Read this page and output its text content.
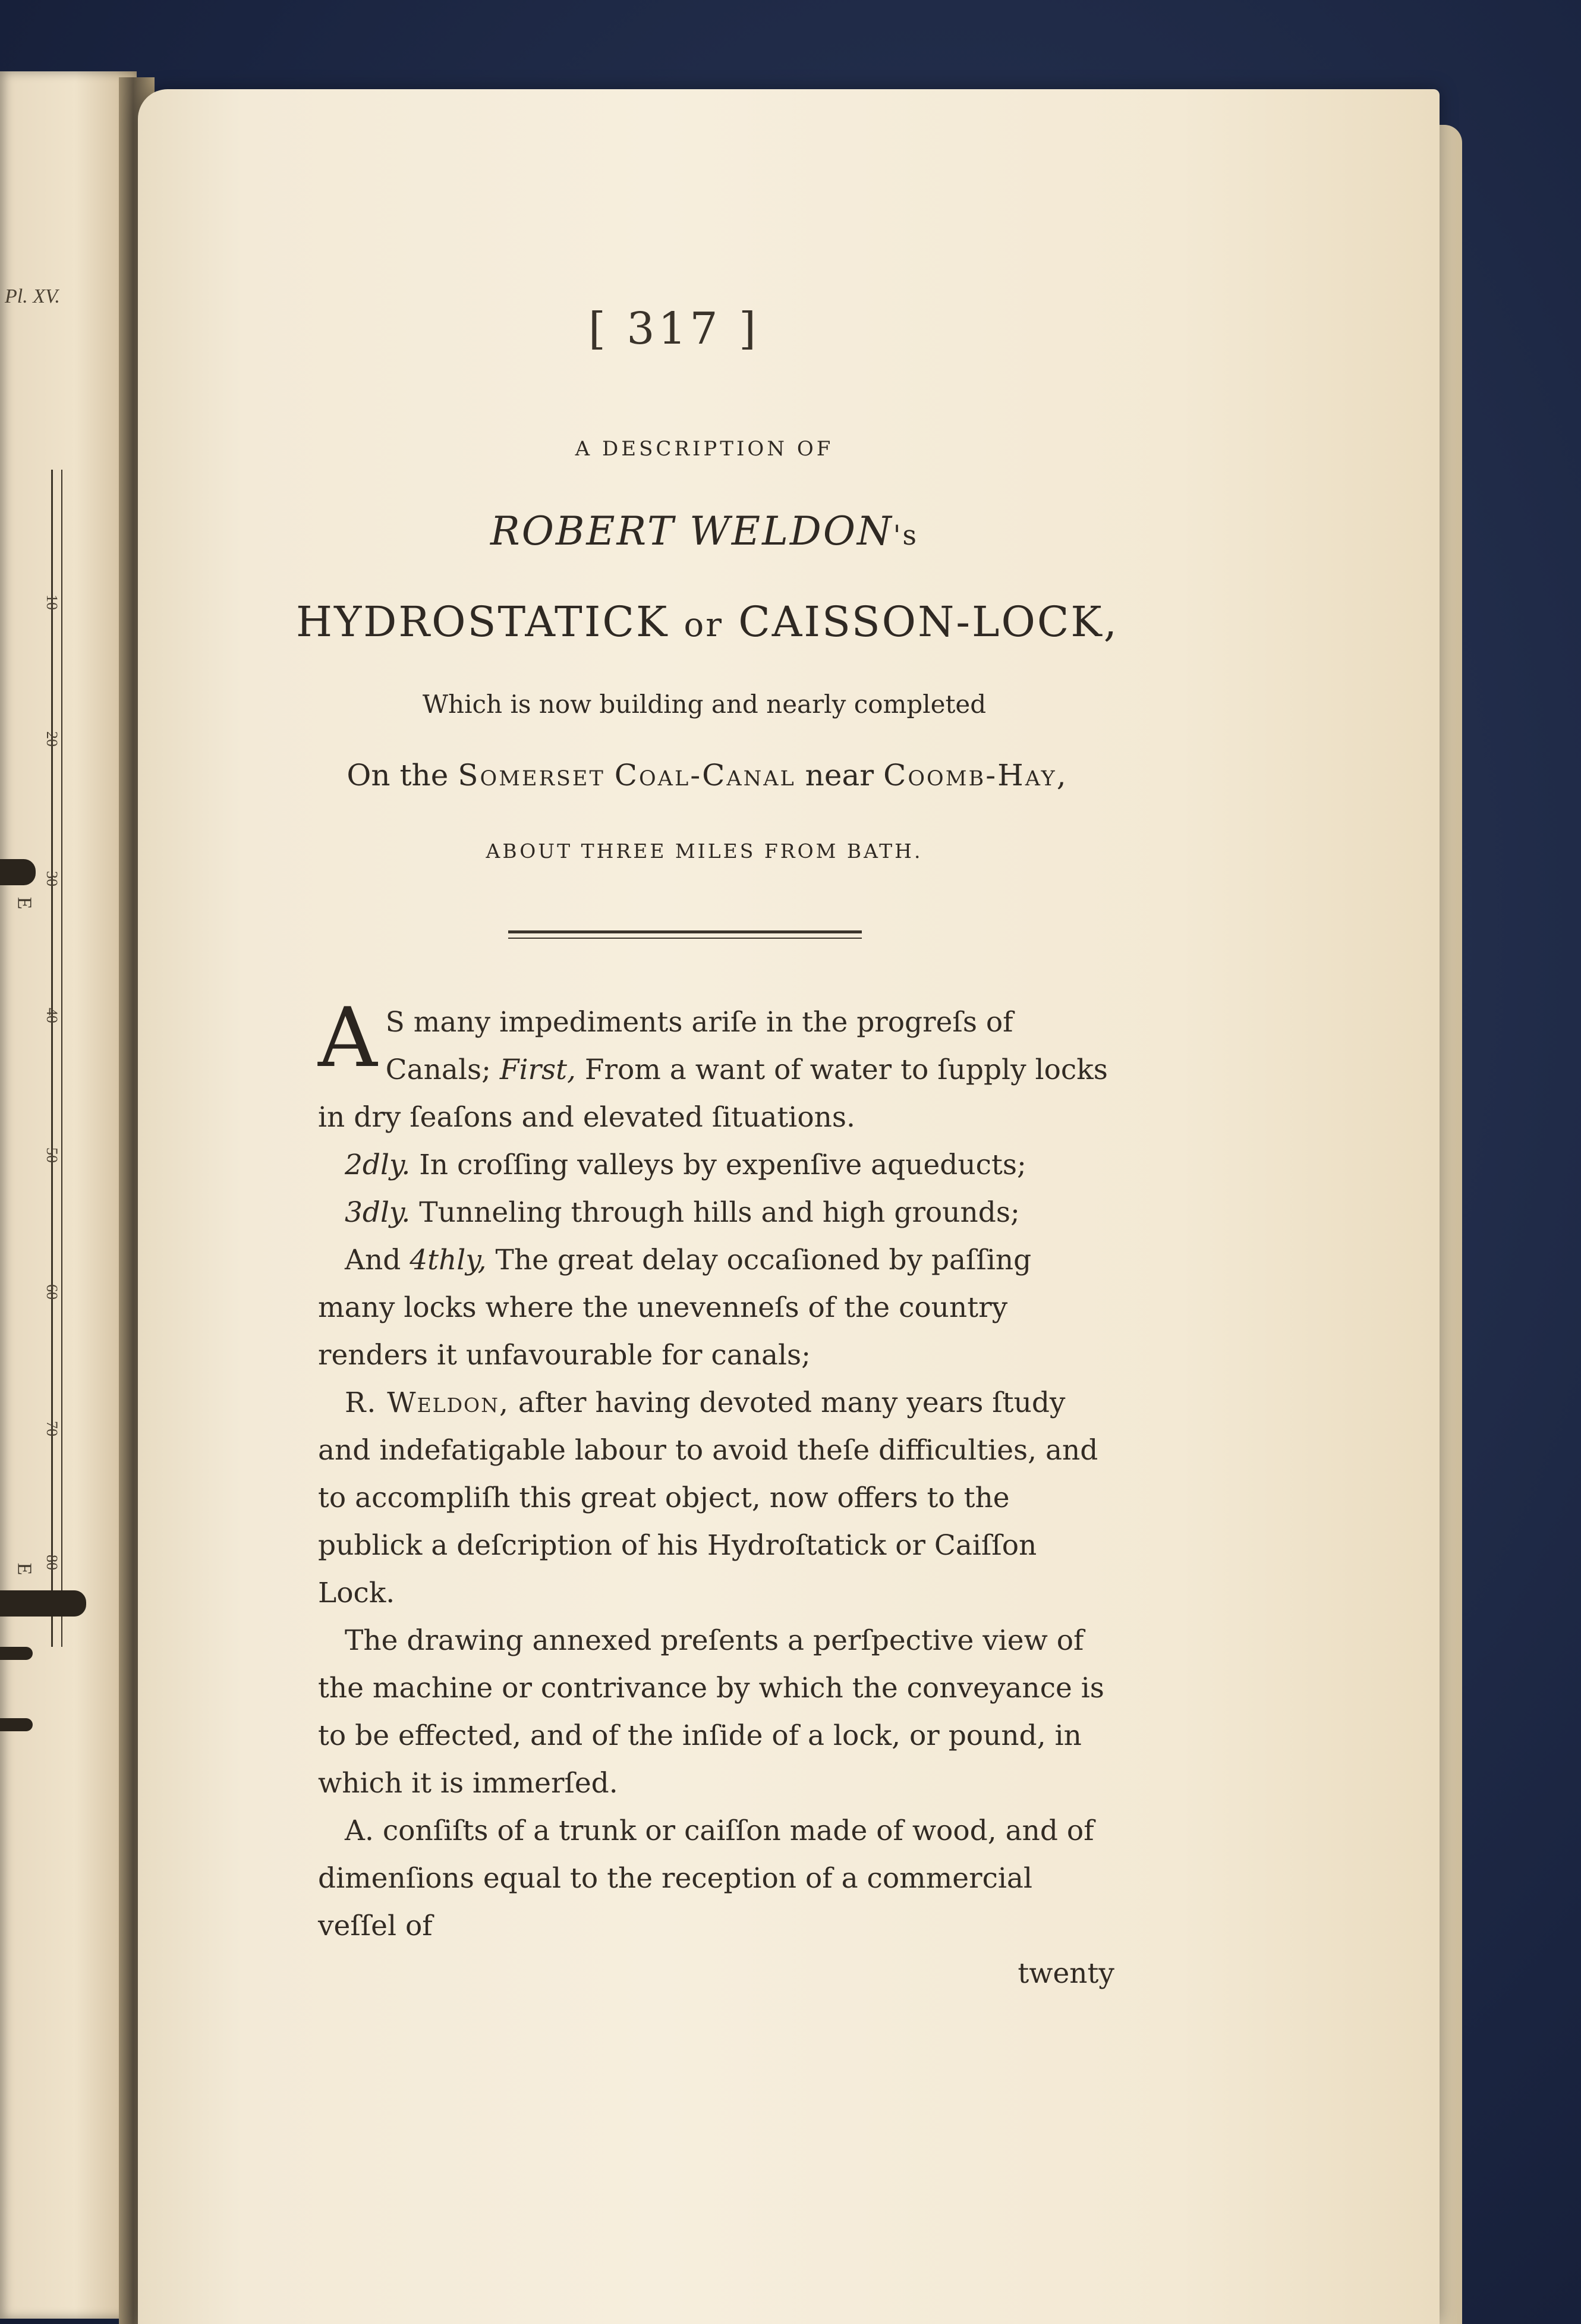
Pl. XV.
10
20
30
40
50
60
70
80
E
E
[ 317 ]
A DESCRIPTION OF
ROBERT WELDON's
HYDROSTATICK or CAISSON-LOCK,
Which is now building and nearly completed
On the Somerset Coal-Canal near Coomb-Hay,
ABOUT THREE MILES FROM BATH.

A S many impediments ariſe in the progreſs of Canals; First, From a want of water to ſupply locks in dry ſeaſons and elevated ſituations.

2dly. In croſſing valleys by expenſive aqueducts;

3dly. Tunneling through hills and high grounds;

And 4thly, The great delay occaſioned by paſſing many locks where the unevenneſs of the country renders it unfavourable for canals;

R. Weldon, after having devoted many years ſtudy and indefatigable labour to avoid theſe difficulties, and to accompliſh this great object, now offers to the publick a deſcription of his Hydroſtatick or Caiſſon Lock.

The drawing annexed preſents a perſpective view of the machine or contrivance by which the conveyance is to be effected, and of the inſide of a lock, or pound, in which it is immerſed.

A. conſiſts of a trunk or caiſſon made of wood, and of dimenſions equal to the reception of a commercial veſſel of

twenty
